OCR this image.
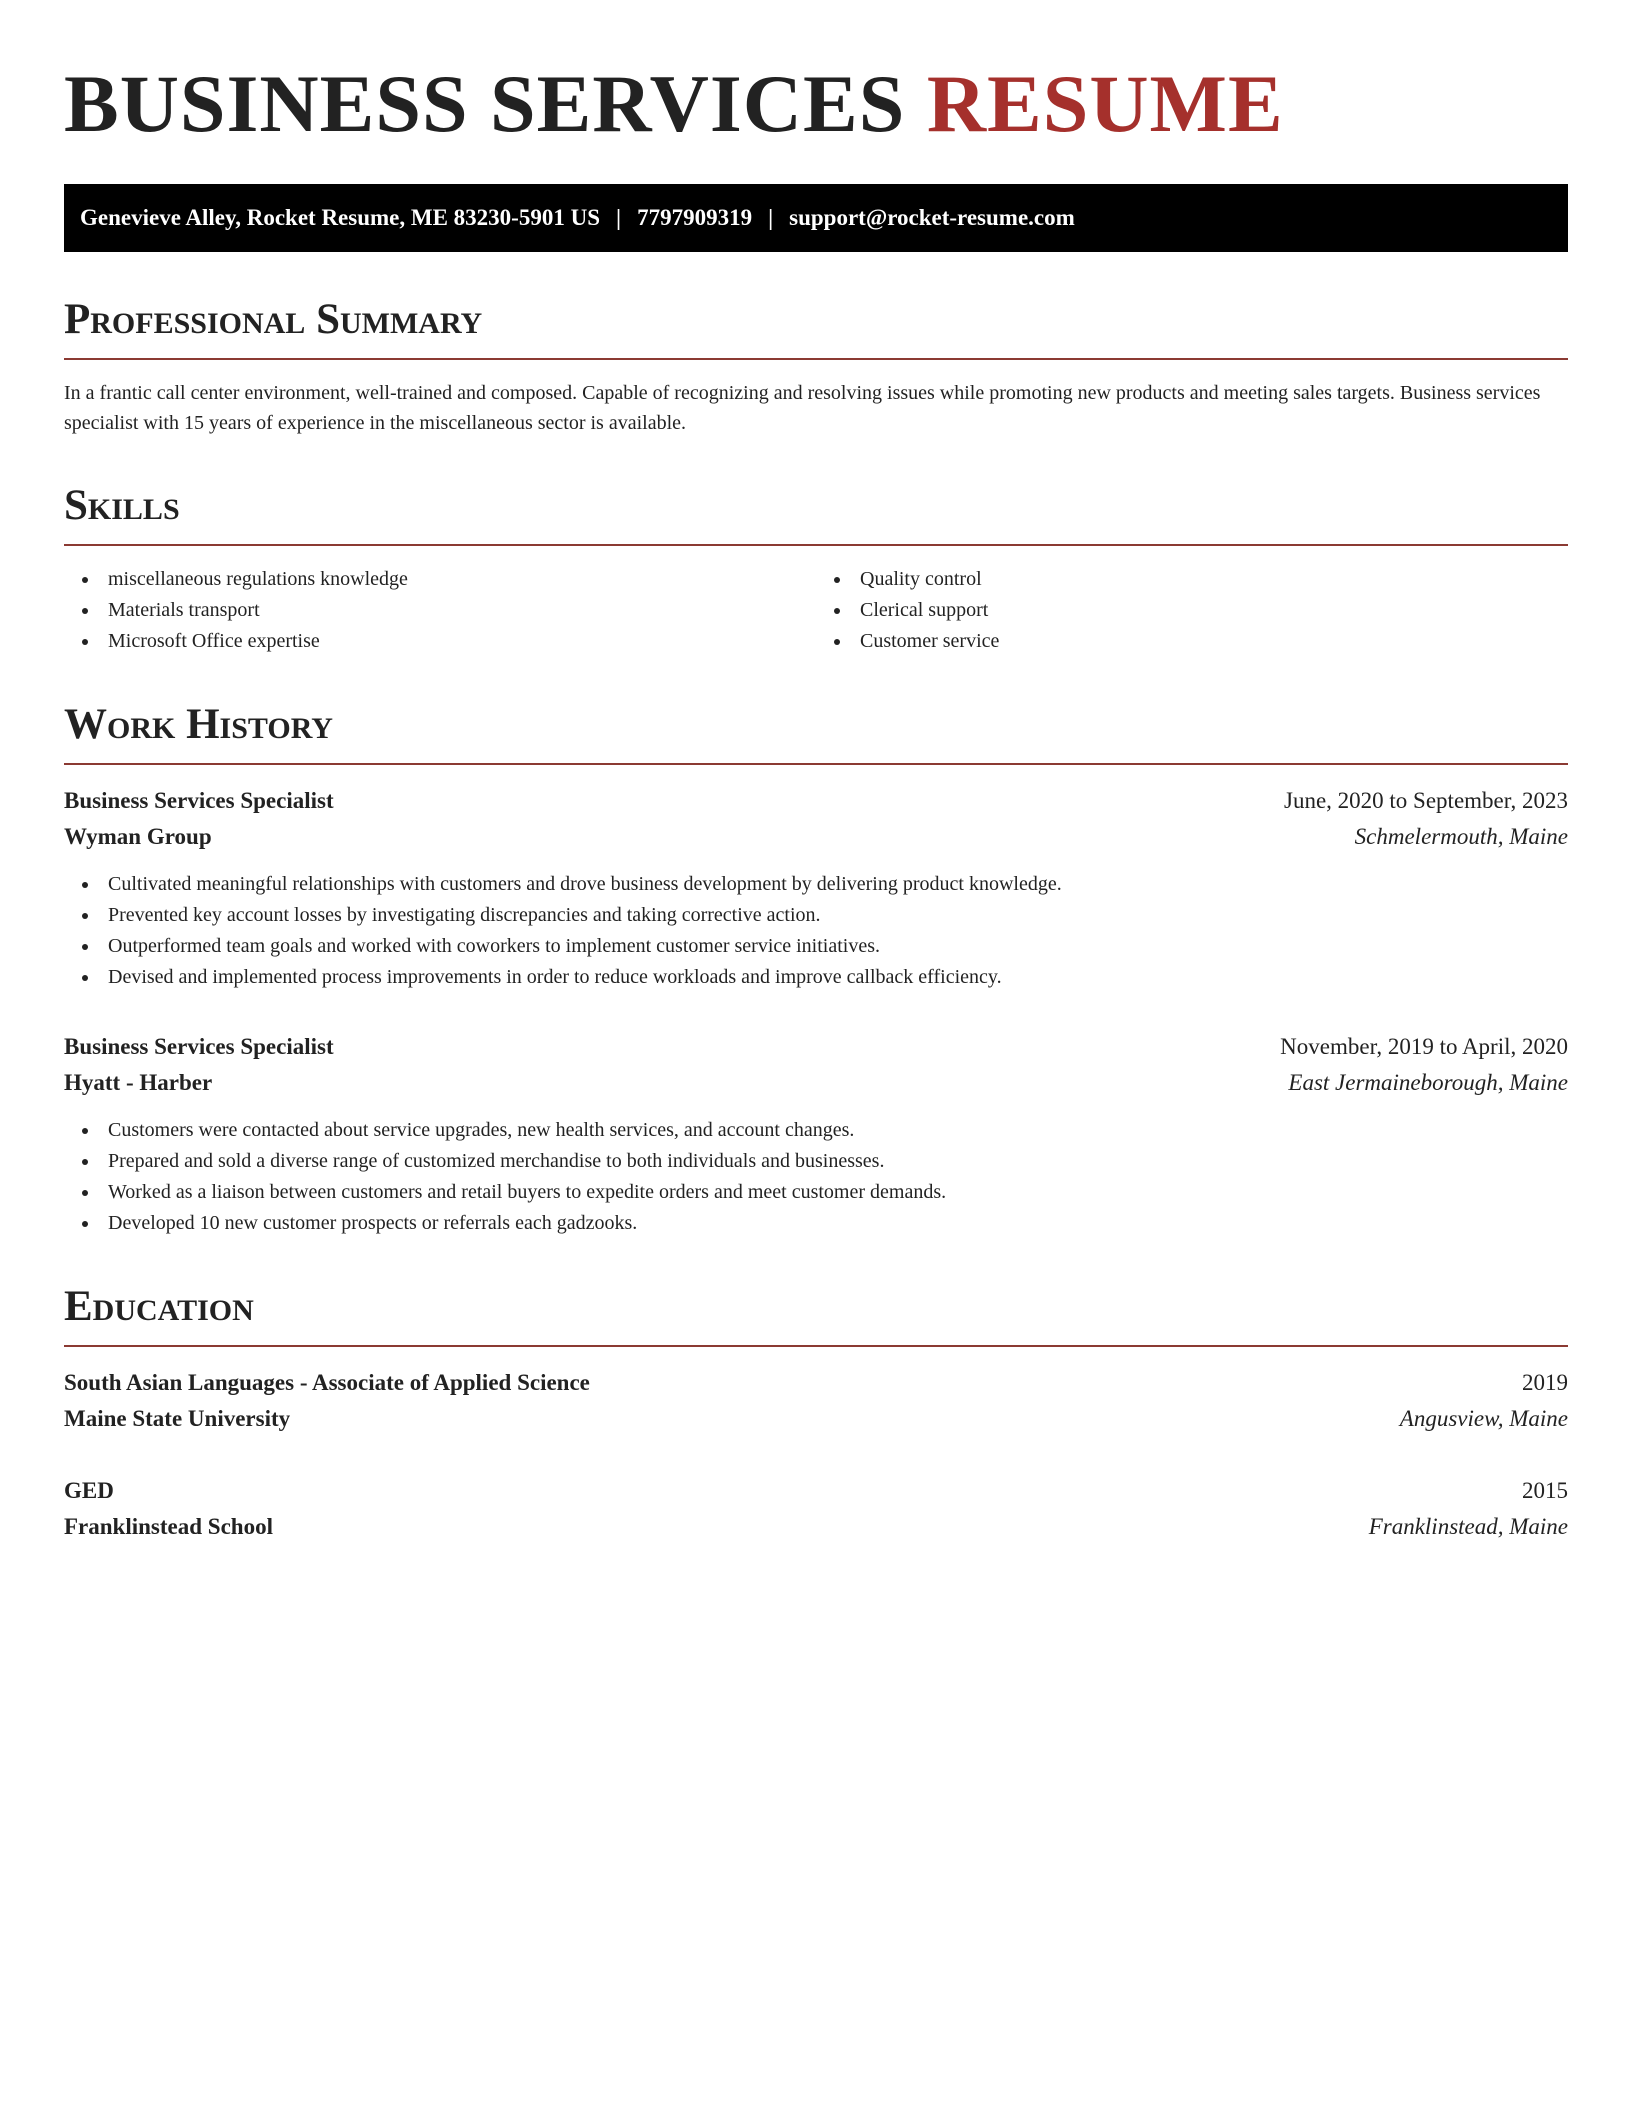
BUSINESS SERVICES RESUME
Genevieve Alley, Rocket Resume, ME 83230-5901 US | 7797909319 | support@rocket-resume.com
Professional Summary

In a frantic call center environment, well-trained and composed. Capable of recognizing and resolving issues while promoting new products and meeting sales targets. Business services specialist with 15 years of experience in the miscellaneous sector is available.

Skills
miscellaneous regulations knowledge
Materials transport
Microsoft Office expertise
Quality control
Clerical support
Customer service
Work History
Business Services Specialist	June, 2020 to September, 2023
Wyman Group	Schmelermouth, Maine
Cultivated meaningful relationships with customers and drove business development by delivering product knowledge.
Prevented key account losses by investigating discrepancies and taking corrective action.
Outperformed team goals and worked with coworkers to implement customer service initiatives.
Devised and implemented process improvements in order to reduce workloads and improve callback efficiency.
Business Services Specialist	November, 2019 to April, 2020
Hyatt - Harber	East Jermaineborough, Maine
Customers were contacted about service upgrades, new health services, and account changes.
Prepared and sold a diverse range of customized merchandise to both individuals and businesses.
Worked as a liaison between customers and retail buyers to expedite orders and meet customer demands.
Developed 10 new customer prospects or referrals each gadzooks.
Education
South Asian Languages - Associate of Applied Science	2019
Maine State University	Angusview, Maine
GED	2015
Franklinstead School	Franklinstead, Maine
